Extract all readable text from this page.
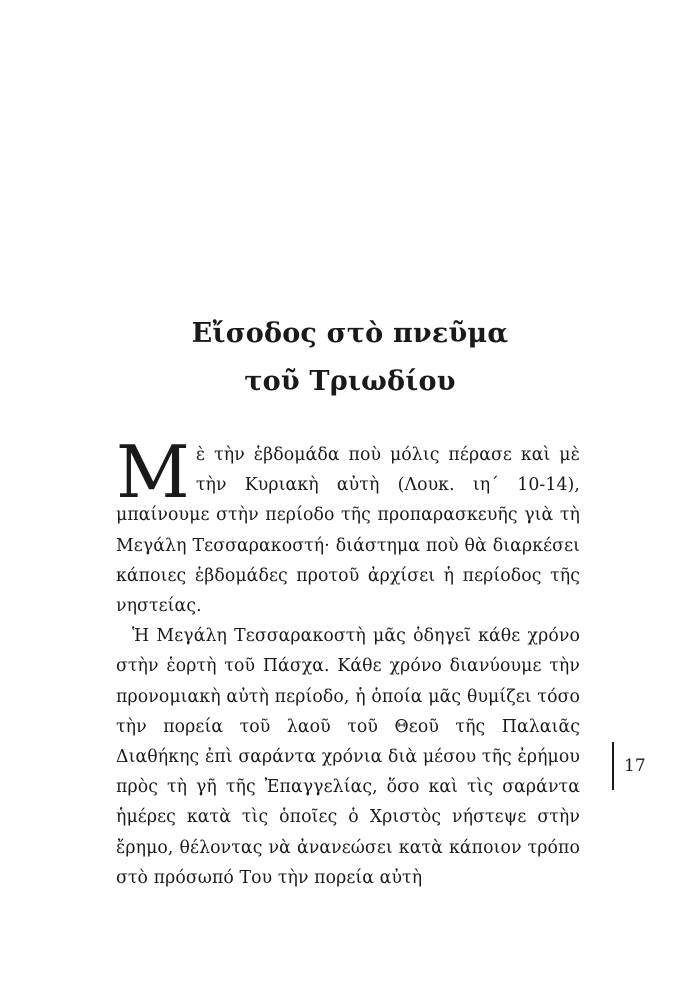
Εἴσοδος στὸ πνεῦμα
τοῦ Τριωδίου

Μὲ τὴν ἑβδομάδα ποὺ μόλις πέρασε καὶ μὲ τὴν Κυριακὴ αὐτὴ (Λουκ. ιη΄ 10-14), μπαίνουμε στὴν περίοδο τῆς προπαρασκευῆς γιὰ τὴ Μεγάλη Τεσσαρακοστή· διάστημα ποὺ θὰ διαρκέσει κάποιες ἑβδομάδες προτοῦ ἀρχίσει ἡ περίοδος τῆς νηστείας.

Ἡ Μεγάλη Τεσσαρακοστὴ μᾶς ὁδηγεῖ κάθε χρόνο στὴν ἑορτὴ τοῦ Πάσχα. Κάθε χρόνο διανύουμε τὴν προνομιακὴ αὐτὴ περίοδο, ἡ ὁποία μᾶς θυμίζει τόσο τὴν πορεία τοῦ λαοῦ τοῦ Θεοῦ τῆς Παλαιᾶς Διαθήκης ἐπὶ σαράντα χρόνια διὰ μέσου τῆς ἐρήμου πρὸς τὴ γῆ τῆς Ἐπαγγελίας, ὅσο καὶ τὶς σαράντα ἡμέρες κατὰ τὶς ὁποῖες ὁ Χριστὸς νήστεψε στὴν ἔρημο, θέλοντας νὰ ἀνανεώσει κατὰ κάποιον τρόπο στὸ πρόσωπό Του τὴν πορεία αὐτὴ

17
